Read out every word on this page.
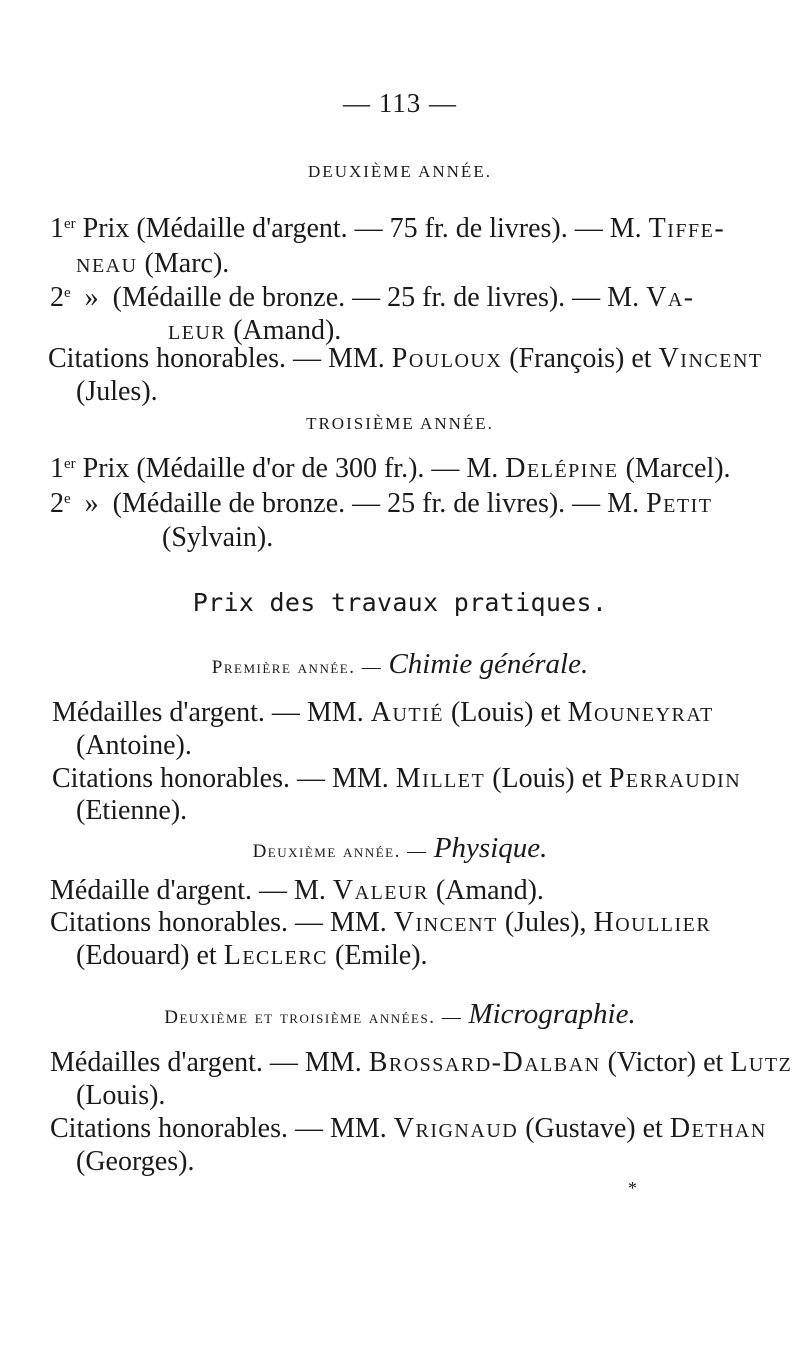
— 113 —
DEUXIÈME ANNÉE.
1er Prix (Médaille d'argent. — 75 fr. de livres). — M. Tiffe-
neau (Marc).
2e  »  (Médaille de bronze. — 25 fr. de livres). — M. Va-
leur (Amand).
Citations honorables. — MM. Pouloux (François) et Vincent
(Jules).
TROISIÈME ANNÉE.
1er Prix (Médaille d'or de 300 fr.). — M. Delépine (Marcel).
2e  »  (Médaille de bronze. — 25 fr. de livres). — M. Petit
(Sylvain).
Prix des travaux pratiques.
Première année. — Chimie générale.
Médailles d'argent. — MM. Autié (Louis) et Mouneyrat
(Antoine).
Citations honorables. — MM. Millet (Louis) et Perraudin
(Etienne).
Deuxième année. — Physique.
Médaille d'argent. — M. Valeur (Amand).
Citations honorables. — MM. Vincent (Jules), Houllier
(Edouard) et Leclerc (Emile).
Deuxième et troisième années. — Micrographie.
Médailles d'argent. — MM. Brossard-Dalban (Victor) et Lutz
(Louis).
Citations honorables. — MM. Vrignaud (Gustave) et Dethan
(Georges).
*
